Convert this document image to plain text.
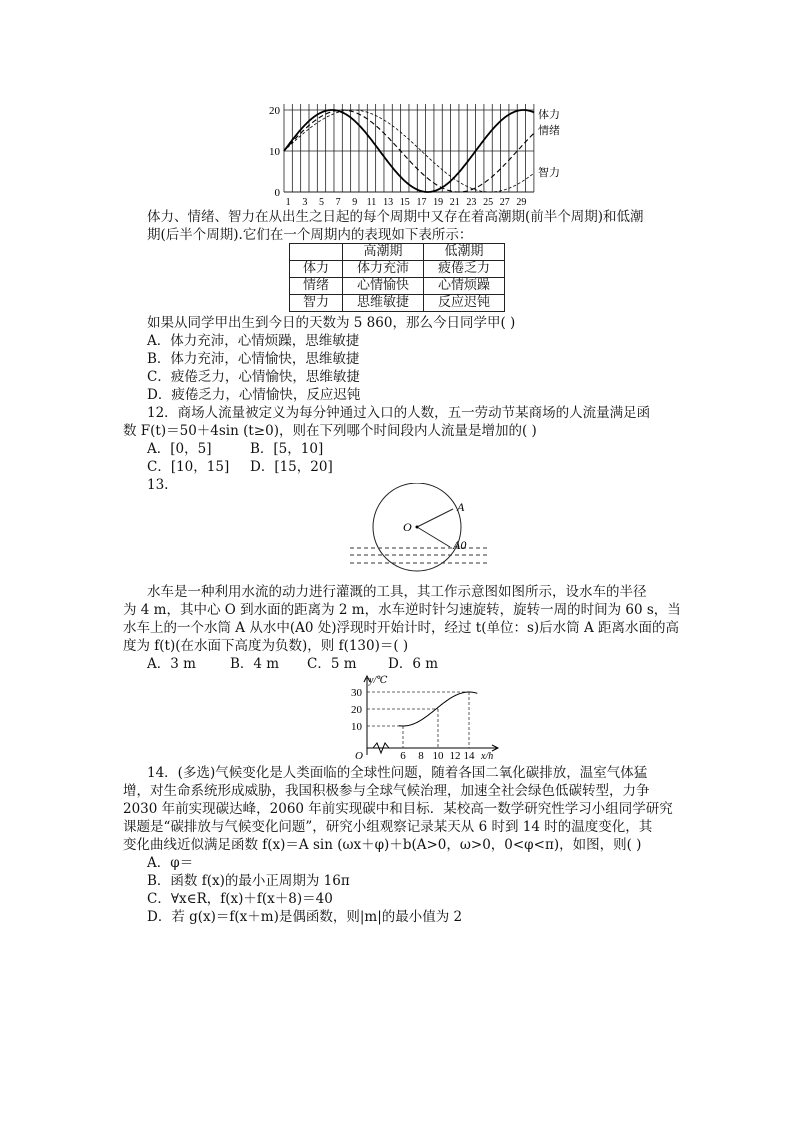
20
10
0
1 3 5 7 9 11 13 15 17 19 21 23 25 27 29
体力
情绪
智力
体力、情绪、智力在从出生之日起的每个周期中又存在着高潮期(前半个周期)和低潮
期(后半个周期).它们在一个周期内的表现如下表所示：
	高潮期	低潮期
体力	体力充沛	疲倦乏力
情绪	心情愉快	心情烦躁
智力	思维敏捷	反应迟钝
如果从同学甲出生到今日的天数为 5 860，那么今日同学甲( )
A．体力充沛，心情烦躁，思维敏捷
B．体力充沛，心情愉快，思维敏捷
C．疲倦乏力，心情愉快，思维敏捷
D．疲倦乏力，心情愉快，反应迟钝
12．商场人流量被定义为每分钟通过入口的人数，五一劳动节某商场的人流量满足函
数 F(t)＝50＋4sin (t≥0)，则在下列哪个时间段内人流量是增加的( )
A．[0，5]	B．[5，10]
C．[10，15] D．[15，20]
13.
O
A
A0
水车是一种利用水流的动力进行灌溉的工具，其工作示意图如图所示，设水车的半径
为 4 m，其中心 O 到水面的距离为 2 m，水车逆时针匀速旋转，旋转一周的时间为 60 s，当
水车上的一个水筒 A 从水中(A0 处)浮现时开始计时，经过 t(单位：s)后水筒 A 距离水面的高
度为 f(t)(在水面下高度为负数)，则 f(130)＝( )
A．3 m	B．4 m C．5 m D．6 m
y/℃
x/h
O
30
20
10
6 8 10 12 14
14．(多选)气候变化是人类面临的全球性问题，随着各国二氧化碳排放，温室气体猛
增，对生命系统形成威胁，我国积极参与全球气候治理，加速全社会绿色低碳转型，力争
2030 年前实现碳达峰，2060 年前实现碳中和目标．某校高一数学研究性学习小组同学研究
课题是“碳排放与气候变化问题”，研究小组观察记录某天从 6 时到 14 时的温度变化，其
变化曲线近似满足函数 f(x)＝A sin (ωx＋φ)＋b(A>0，ω>0，0<φ<π)，如图，则( )
A．φ＝
B．函数 f(x)的最小正周期为 16π
C．∀x∈R，f(x)＋f(x＋8)＝40
D．若 g(x)＝f(x＋m)是偶函数，则|m|的最小值为 2
